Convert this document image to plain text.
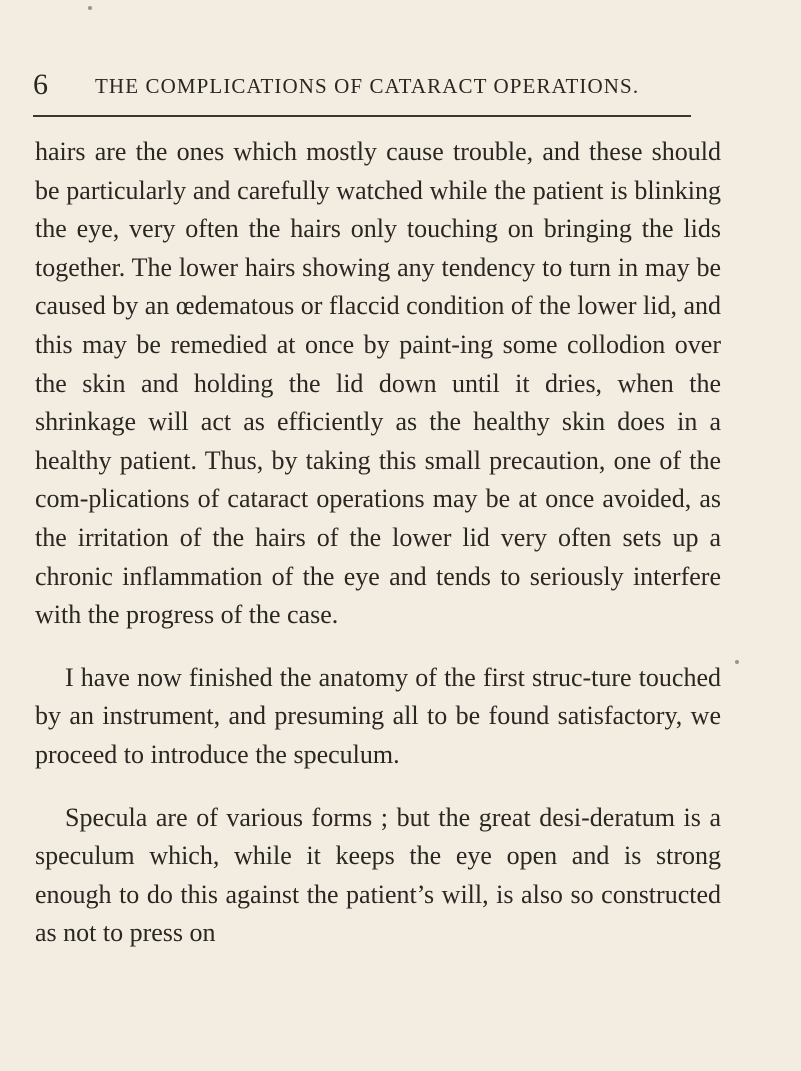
6 THE COMPLICATIONS OF CATARACT OPERATIONS.

hairs are the ones which mostly cause trouble, and these should be particularly and carefully watched while the patient is blinking the eye, very often the hairs only touching on bringing the lids together. The lower hairs showing any tendency to turn in may be caused by an œdematous or flaccid condition of the lower lid, and this may be remedied at once by paint-ing some collodion over the skin and holding the lid down until it dries, when the shrinkage will act as efficiently as the healthy skin does in a healthy patient. Thus, by taking this small precaution, one of the com-plications of cataract operations may be at once avoided, as the irritation of the hairs of the lower lid very often sets up a chronic inflammation of the eye and tends to seriously interfere with the progress of the case.

I have now finished the anatomy of the first struc-ture touched by an instrument, and presuming all to be found satisfactory, we proceed to introduce the speculum.

Specula are of various forms ; but the great desi-deratum is a speculum which, while it keeps the eye open and is strong enough to do this against the patient’s will, is also so constructed as not to press on
